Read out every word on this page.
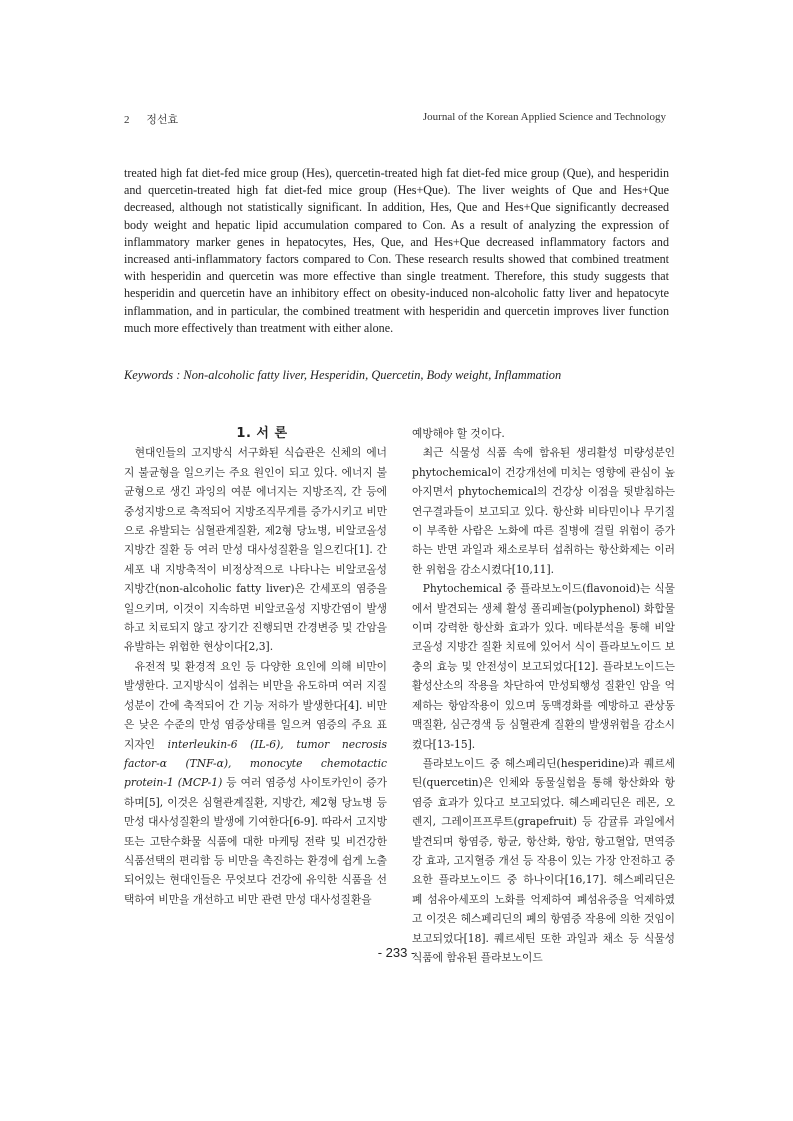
2 정선효	Journal of the Korean Applied Science and Technology

treated high fat diet-fed mice group (Hes), quercetin-treated high fat diet-fed mice group (Que), and hesperidin and quercetin-treated high fat diet-fed mice group (Hes+Que). The liver weights of Que and Hes+Que decreased, although not statistically significant. In addition, Hes, Que and Hes+Que significantly decreased body weight and hepatic lipid accumulation compared to Con. As a result of analyzing the expression of inflammatory marker genes in hepatocytes, Hes, Que, and Hes+Que decreased inflammatory factors and increased anti-inflammatory factors compared to Con. These research results showed that combined treatment with hesperidin and quercetin was more effective than single treatment. Therefore, this study suggests that hesperidin and quercetin have an inhibitory effect on obesity-induced non-alcoholic fatty liver and hepatocyte inflammation, and in particular, the combined treatment with hesperidin and quercetin improves liver function much more effectively than treatment with either alone.

Keywords : Non-alcoholic fatty liver, Hesperidin, Quercetin, Body weight, Inflammation

1. 서 론

현대인들의 고지방식 서구화된 식습관은 신체의 에너지 불균형을 일으키는 주요 원인이 되고 있다. 에너지 불균형으로 생긴 과잉의 여분 에너지는 지방조직, 간 등에 중성지방으로 축적되어 지방조직무게를 증가시키고 비만으로 유발되는 심혈관계질환, 제2형 당뇨병, 비알코올성 지방간 질환 등 여러 만성 대사성질환을 일으킨다[1]. 간세포 내 지방축적이 비정상적으로 나타나는 비알코올성 지방간(non-alcoholic fatty liver)은 간세포의 염증을 일으키며, 이것이 지속하면 비알코올성 지방간염이 발생하고 치료되지 않고 장기간 진행되면 간경변증 및 간암을 유발하는 위험한 현상이다[2,3].

유전적 및 환경적 요인 등 다양한 요인에 의해 비만이 발생한다. 고지방식이 섭취는 비만을 유도하며 여러 지질 성분이 간에 축적되어 간 기능 저하가 발생한다[4]. 비만은 낮은 수준의 만성 염증상태를 일으켜 염증의 주요 표지자인 interleukin-6 (IL-6), tumor necrosis factor-α (TNF-α), monocyte chemotactic protein-1 (MCP-1) 등 여러 염증성 사이토카인이 증가하며[5], 이것은 심혈관계질환, 지방간, 제2형 당뇨병 등 만성 대사성질환의 발생에 기여한다[6-9]. 따라서 고지방 또는 고탄수화물 식품에 대한 마케팅 전략 및 비건강한 식품선택의 편리함 등 비만을 촉진하는 환경에 쉽게 노출되어있는 현대인들은 무엇보다 건강에 유익한 식품을 선택하여 비만을 개선하고 비만 관련 만성 대사성질환을

예방해야 할 것이다.

최근 식물성 식품 속에 함유된 생리활성 미량성분인 phytochemical이 건강개선에 미치는 영향에 관심이 높아지면서 phytochemical의 건강상 이점을 뒷받침하는 연구결과들이 보고되고 있다. 항산화 비타민이나 무기질이 부족한 사람은 노화에 따른 질병에 걸릴 위험이 증가하는 반면 과일과 채소로부터 섭취하는 항산화제는 이러한 위험을 감소시켰다[10,11].

Phytochemical 중 플라보노이드(flavonoid)는 식물에서 발견되는 생체 활성 폴리페놀(polyphenol) 화합물이며 강력한 항산화 효과가 있다. 메타분석을 통해 비알코올성 지방간 질환 치료에 있어서 식이 플라보노이드 보충의 효능 및 안전성이 보고되었다[12]. 플라보노이드는 활성산소의 작용을 차단하여 만성퇴행성 질환인 암을 억제하는 항암작용이 있으며 동맥경화를 예방하고 관상동맥질환, 심근경색 등 심혈관계 질환의 발생위험을 감소시켰다[13-15].

플라보노이드 중 헤스페리딘(hesperidine)과 퀘르세틴(quercetin)은 인체와 동물실험을 통해 항산화와 항염증 효과가 있다고 보고되었다. 헤스페리딘은 레몬, 오렌지, 그레이프프루트(grapefruit) 등 감귤류 과일에서 발견되며 항염증, 항균, 항산화, 항암, 항고혈압, 면역증강 효과, 고지혈증 개선 등 작용이 있는 가장 안전하고 중요한 플라보노이드 중 하나이다[16,17]. 헤스페리딘은 폐 섬유아세포의 노화를 억제하여 폐섬유증을 억제하였고 이것은 헤스페리딘의 폐의 항염증 작용에 의한 것임이 보고되었다[18]. 퀘르세틴 또한 과일과 채소 등 식물성 식품에 함유된 플라보노이드

- 233 -
